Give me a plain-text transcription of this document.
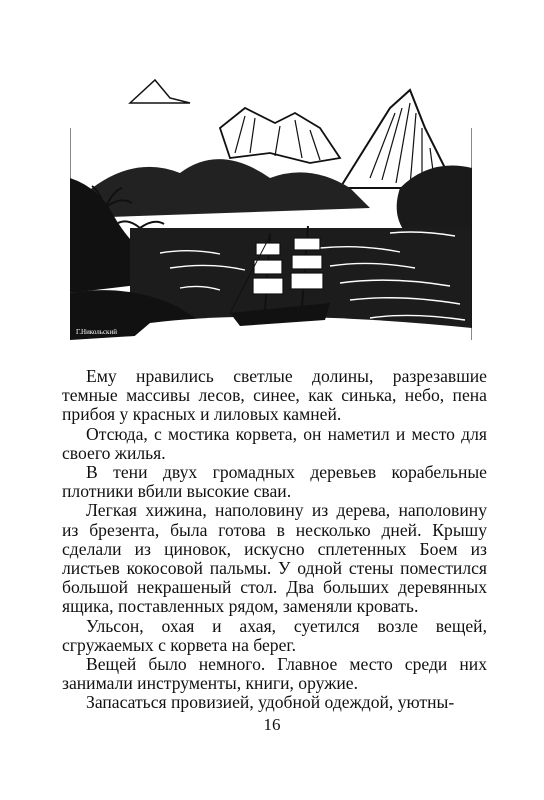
Г.Никольский

Ему нравились светлые долины, разрезавшие темные массивы лесов, синее, как синька, небо, пена прибоя у красных и лиловых камней.

Отсюда, с мостика корвета, он наметил и место для своего жилья.

В тени двух громадных деревьев корабельные плотники вбили высокие сваи.

Легкая хижина, наполовину из дерева, наполовину из брезента, была готова в несколько дней. Крышу сделали из циновок, искусно сплетенных Боем из листьев кокосовой пальмы. У одной стены поместился большой некрашеный стол. Два больших деревянных ящика, поставленных рядом, заменяли кровать.

Ульсон, охая и ахая, суетился возле вещей, сгружаемых с корвета на берег.

Вещей было немного. Главное место среди них занимали инструменты, книги, оружие.

Запасаться провизией, удобной одеждой, уютны-

16
